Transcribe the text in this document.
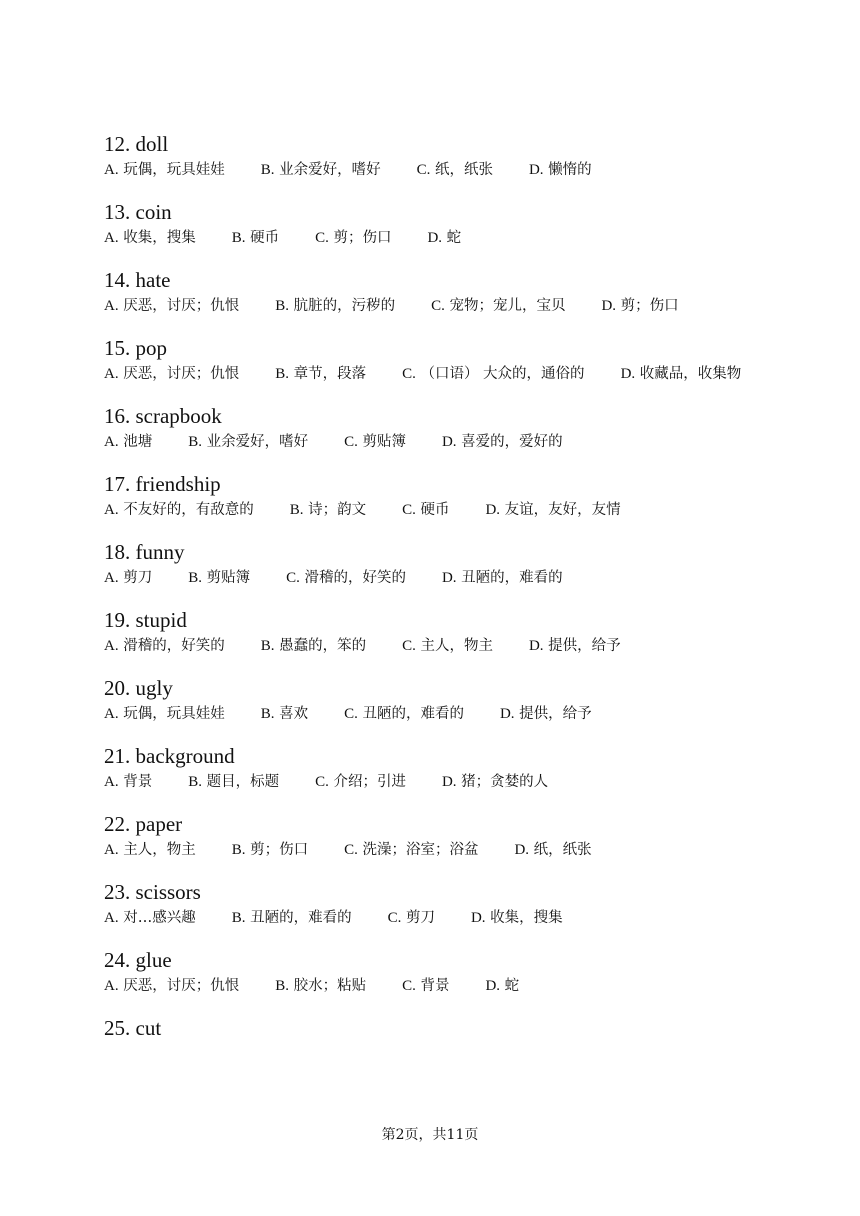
12. doll
A. 玩偶，玩具娃娃 B. 业余爱好，嗜好 C. 纸，纸张 D. 懒惰的
13. coin
A. 收集，搜集 B. 硬币 C. 剪；伤口 D. 蛇
14. hate
A. 厌恶，讨厌；仇恨 B. 肮脏的，污秽的 C. 宠物；宠儿，宝贝 D. 剪；伤口
15. pop
A. 厌恶，讨厌；仇恨 B. 章节，段落 C. （口语） 大众的，通俗的 D. 收藏品，收集物
16. scrapbook
A. 池塘 B. 业余爱好，嗜好 C. 剪贴簿 D. 喜爱的，爱好的
17. friendship
A. 不友好的，有敌意的 B. 诗；韵文 C. 硬币 D. 友谊，友好，友情
18. funny
A. 剪刀 B. 剪贴簿 C. 滑稽的，好笑的 D. 丑陋的，难看的
19. stupid
A. 滑稽的，好笑的 B. 愚蠢的，笨的 C. 主人，物主 D. 提供，给予
20. ugly
A. 玩偶，玩具娃娃 B. 喜欢 C. 丑陋的，难看的 D. 提供，给予
21. background
A. 背景 B. 题目，标题 C. 介绍；引进 D. 猪；贪婪的人
22. paper
A. 主人，物主 B. 剪；伤口 C. 洗澡；浴室；浴盆 D. 纸，纸张
23. scissors
A. 对…感兴趣 B. 丑陋的，难看的 C. 剪刀 D. 收集，搜集
24. glue
A. 厌恶，讨厌；仇恨 B. 胶水；粘贴 C. 背景 D. 蛇
25. cut
第2页，共11页
